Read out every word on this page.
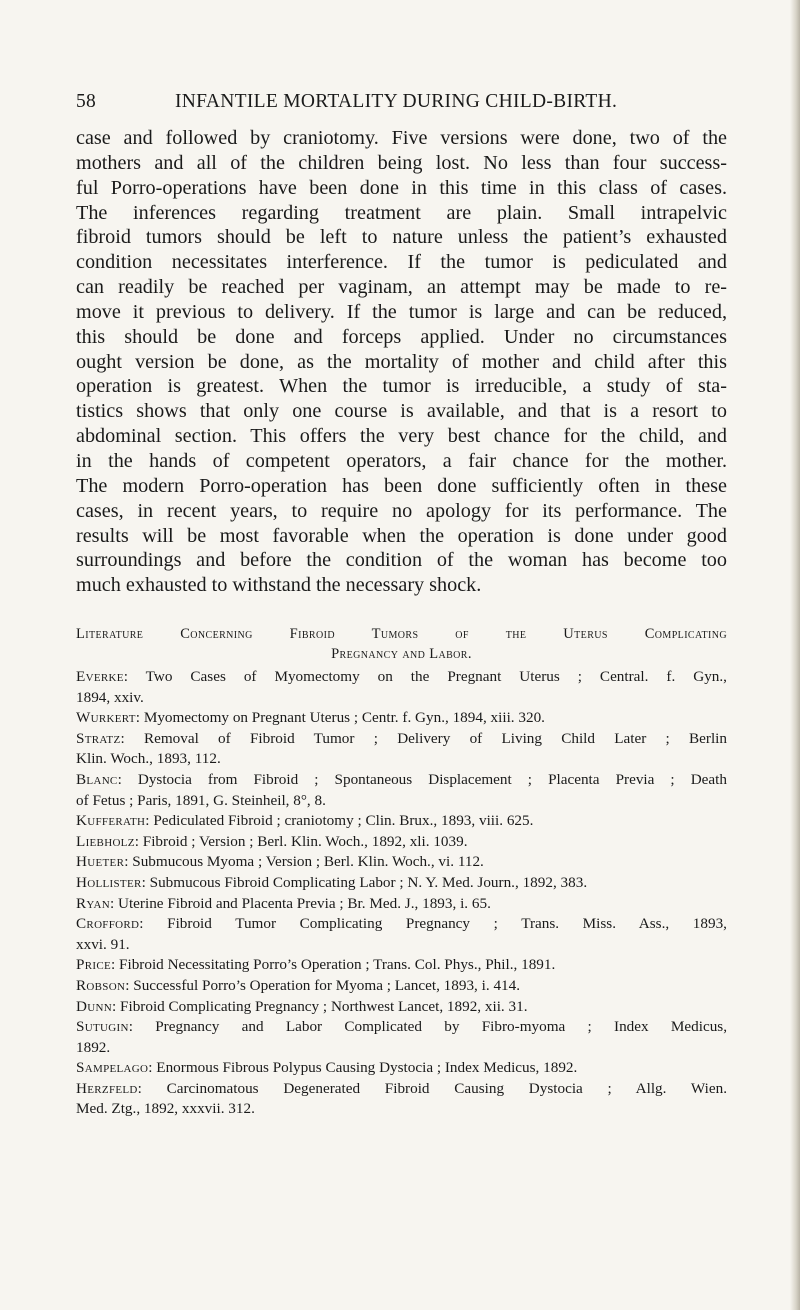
58	INFANTILE MORTALITY DURING CHILD-BIRTH.

case and followed by craniotomy. Five versions were done, two of the

mothers and all of the children being lost. No less than four success-

ful Porro-operations have been done in this time in this class of cases.

The inferences regarding treatment are plain. Small intrapelvic

fibroid tumors should be left to nature unless the patient’s exhausted

condition necessitates interference. If the tumor is pediculated and

can readily be reached per vaginam, an attempt may be made to re-

move it previous to delivery. If the tumor is large and can be reduced,

this should be done and forceps applied. Under no circumstances

ought version be done, as the mortality of mother and child after this

operation is greatest. When the tumor is irreducible, a study of sta-

tistics shows that only one course is available, and that is a resort to

abdominal section. This offers the very best chance for the child, and

in the hands of competent operators, a fair chance for the mother.

The modern Porro-operation has been done sufficiently often in these

cases, in recent years, to require no apology for its performance. The

results will be most favorable when the operation is done under good

surroundings and before the condition of the woman has become too

much exhausted to withstand the necessary shock.

Literature Concerning Fibroid Tumors of the Uterus Complicating
Pregnancy and Labor.
Everke: Two Cases of Myomectomy on the Pregnant Uterus ; Central. f. Gyn.,
1894, xxiv.
Wurkert: Myomectomy on Pregnant Uterus ; Centr. f. Gyn., 1894, xiii. 320.
Stratz: Removal of Fibroid Tumor ; Delivery of Living Child Later ; Berlin
Klin. Woch., 1893, 112.
Blanc: Dystocia from Fibroid ; Spontaneous Displacement ; Placenta Previa ; Death
of Fetus ; Paris, 1891, G. Steinheil, 8°, 8.
Kufferath: Pediculated Fibroid ; craniotomy ; Clin. Brux., 1893, viii. 625.
Liebholz: Fibroid ; Version ; Berl. Klin. Woch., 1892, xli. 1039.
Hueter: Submucous Myoma ; Version ; Berl. Klin. Woch., vi. 112.
Hollister: Submucous Fibroid Complicating Labor ; N. Y. Med. Journ., 1892, 383.
Ryan: Uterine Fibroid and Placenta Previa ; Br. Med. J., 1893, i. 65.
Crofford: Fibroid Tumor Complicating Pregnancy ; Trans. Miss. Ass., 1893,
xxvi. 91.
Price: Fibroid Necessitating Porro’s Operation ; Trans. Col. Phys., Phil., 1891.
Robson: Successful Porro’s Operation for Myoma ; Lancet, 1893, i. 414.
Dunn: Fibroid Complicating Pregnancy ; Northwest Lancet, 1892, xii. 31.
Sutugin: Pregnancy and Labor Complicated by Fibro-myoma ; Index Medicus,
1892.
Sampelago: Enormous Fibrous Polypus Causing Dystocia ; Index Medicus, 1892.
Herzfeld: Carcinomatous Degenerated Fibroid Causing Dystocia ; Allg. Wien.
Med. Ztg., 1892, xxxvii. 312.
